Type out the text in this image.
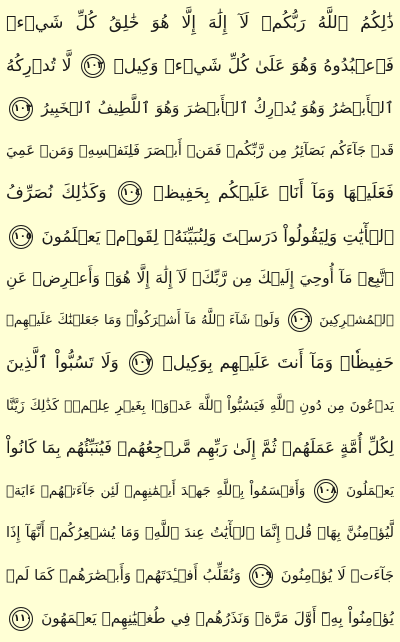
ذَٰلِكُمُ ٱللَّهُ رَبُّكُمۡ لَآ إِلَٰهَ إِلَّا هُوَ خَٰلِقُ كُلِّ شَيۡءٖ
فَٱعۡبُدُوهُ وَهُوَ عَلَىٰ كُلِّ شَيۡءٖ وَكِيلٞ ١٠٢ لَّا تُدۡرِكُهُ
ٱلۡأَبۡصَٰرُ وَهُوَ يُدۡرِكُ ٱلۡأَبۡصَٰرَ وَهُوَ ٱللَّطِيفُ ٱلۡخَبِيرُ ١٠٣
قَدۡ جَآءَكُم بَصَآئِرُ مِن رَّبِّكُمۡ فَمَنۡ أَبۡصَرَ فَلِنَفۡسِهِۦ وَمَنۡ عَمِيَ
فَعَلَيۡهَا وَمَآ أَنَا۠ عَلَيۡكُم بِحَفِيظٖ ١٠٤ وَكَذَٰلِكَ نُصَرِّفُ
ٱلۡأٓيَٰتِ وَلِيَقُولُواْ دَرَسۡتَ وَلِنُبَيِّنَهُۥ لِقَوۡمٖ يَعۡلَمُونَ ١٠٥
ٱتَّبِعۡ مَآ أُوحِيَ إِلَيۡكَ مِن رَّبِّكَۖ لَآ إِلَٰهَ إِلَّا هُوَۖ وَأَعۡرِضۡ عَنِ
ٱلۡمُشۡرِكِينَ ١٠٦ وَلَوۡ شَآءَ ٱللَّهُ مَآ أَشۡرَكُواْۗ وَمَا جَعَلۡنَٰكَ عَلَيۡهِمۡ
حَفِيظٗاۖ وَمَآ أَنتَ عَلَيۡهِم بِوَكِيلٖ ١٠٧ وَلَا تَسُبُّواْ ٱلَّذِينَ
يَدۡعُونَ مِن دُونِ ٱللَّهِ فَيَسُبُّواْ ٱللَّهَ عَدۡوَۢا بِغَيۡرِ عِلۡمٖۗ كَذَٰلِكَ زَيَّنَّا
لِكُلِّ أُمَّةٍ عَمَلَهُمۡ ثُمَّ إِلَىٰ رَبِّهِم مَّرۡجِعُهُمۡ فَيُنَبِّئُهُم بِمَا كَانُواْ
يَعۡمَلُونَ ١٠٨ وَأَقۡسَمُواْ بِٱللَّهِ جَهۡدَ أَيۡمَٰنِهِمۡ لَئِن جَآءَتۡهُمۡ ءَايَةٞ
لَّيُؤۡمِنُنَّ بِهَاۚ قُلۡ إِنَّمَا ٱلۡأٓيَٰتُ عِندَ ٱللَّهِۖ وَمَا يُشۡعِرُكُمۡ أَنَّهَآ إِذَا
جَآءَتۡ لَا يُؤۡمِنُونَ ١٠٩ وَنُقَلِّبُ أَفۡـِٔدَتَهُمۡ وَأَبۡصَٰرَهُمۡ كَمَا لَمۡ
يُؤۡمِنُواْ بِهِۦٓ أَوَّلَ مَرَّةٖ وَنَذَرُهُمۡ فِي طُغۡيَٰنِهِمۡ يَعۡمَهُونَ ١١٠
